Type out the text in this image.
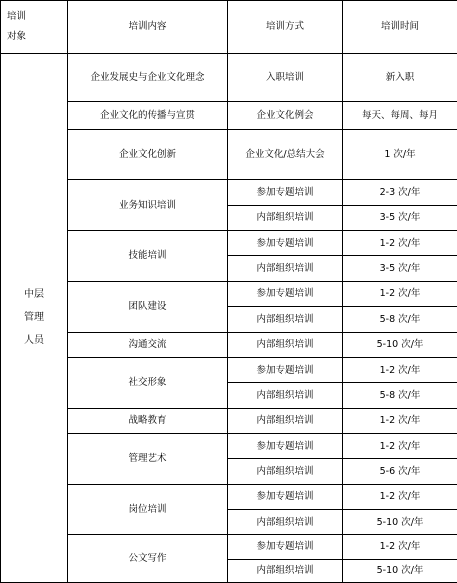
培训
对象	培训内容	培训方式	培训时间

中层
管理
人员	企业发展史与企业文化理念	入职培训	新入职
	企业文化的传播与宣贯	企业文化例会	每天、每周、每月
	企业文化创新	企业文化/总结大会	1 次/年
	业务知识培训	参加专题培训	2-3 次/年
		内部组织培训	3-5 次/年
	技能培训	参加专题培训	1-2 次/年
		内部组织培训	3-5 次/年
	团队建设	参加专题培训	1-2 次/年
		内部组织培训	5-8 次/年
	沟通交流	内部组织培训	5-10 次/年
	社交形象	参加专题培训	1-2 次/年
		内部组织培训	5-8 次/年
	战略教育	内部组织培训	1-2 次/年
	管理艺术	参加专题培训	1-2 次/年
		内部组织培训	5-6 次/年
	岗位培训	参加专题培训	1-2 次/年
		内部组织培训	5-10 次/年
	公文写作	参加专题培训	1-2 次/年
		内部组织培训	5-10 次/年
